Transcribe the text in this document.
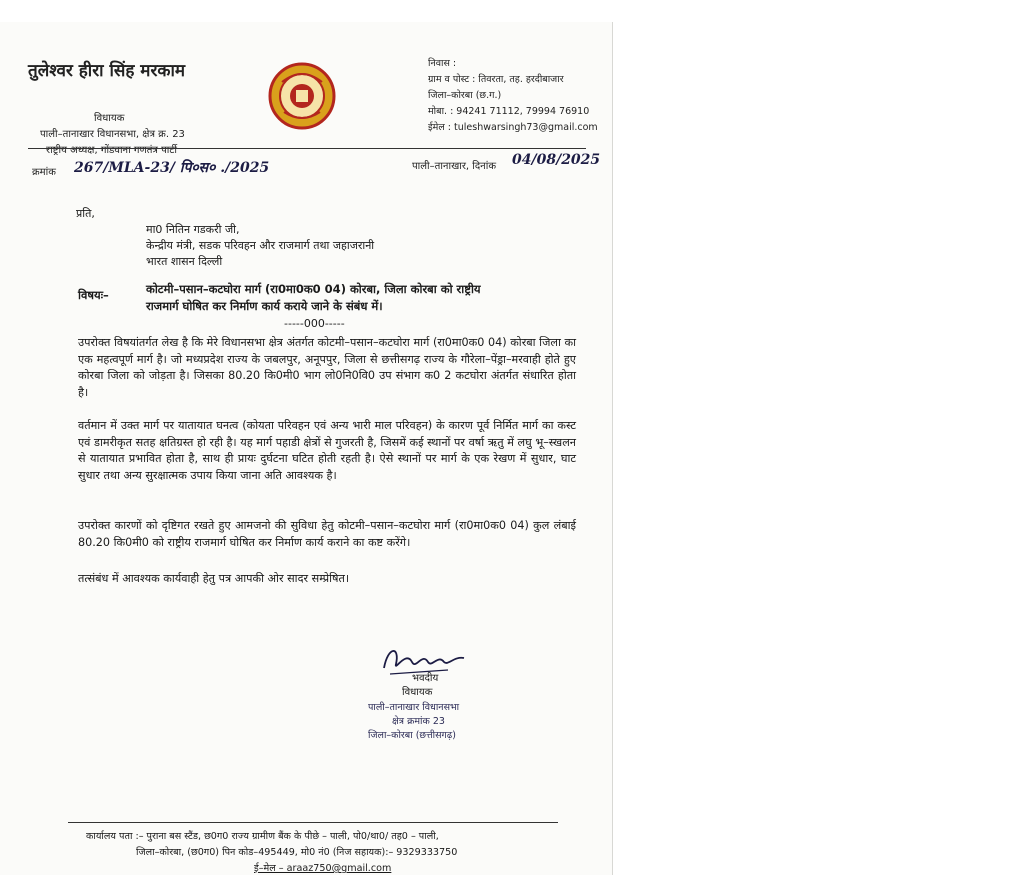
तुलेश्वर हीरा सिंह मरकाम
विधायक
पाली–तानाखार विधानसभा, क्षेत्र क्र. 23
राष्ट्रीय अध्यक्ष, गोंडवाना गणतंत्र पार्टी
निवास :
ग्राम व पोस्ट : तिवरता, तह. हरदीबाजार
जिला–कोरबा (छ.ग.)
मोबा. : 94241 71112, 79994 76910
ईमेल : tuleshwarsingh73@gmail.com
क्रमांक 267/MLA-23/ पि०स० ./2025	पाली–तानाखार, दिनांक 04/08/2025
प्रति,
मा0 नितिन गडकरी जी,
केन्द्रीय मंत्री, सडक परिवहन और राजमार्ग तथा जहाजरानी
भारत शासन दिल्ली
विषयः–	कोटमी–पसान–कटघोरा मार्ग (रा0मा0क0 04) कोरबा, जिला कोरबा को राष्ट्रीय
राजमार्ग घोषित कर निर्माण कार्य कराये जाने के संबंध में।
-----000-----
उपरोक्त विषयांतर्गत लेख है कि मेरे विधानसभा क्षेत्र अंतर्गत कोटमी–पसान–कटघोरा मार्ग (रा0मा0क0 04) कोरबा जिला का एक महत्वपूर्ण मार्ग है। जो मध्यप्रदेश राज्य के जबलपुर, अनूपपुर, जिला से छत्तीसगढ़ राज्य के गौरेला–पेंड्रा–मरवाही होते हुए कोरबा जिला को जोड़ता है। जिसका 80.20 कि0मी0 भाग लो0नि0वि0 उप संभाग क0 2 कटघोरा अंतर्गत संधारित होता है।
वर्तमान में उक्त मार्ग पर यातायात घनत्व (कोयता परिवहन एवं अन्य भारी माल परिवहन) के कारण पूर्व निर्मित मार्ग का कस्ट एवं डामरीकृत सतह क्षतिग्रस्त हो रही है। यह मार्ग पहाडी क्षेत्रों से गुजरती है, जिसमें कई स्थानों पर वर्षा ऋतु में लघु भू–स्खलन से यातायात प्रभावित होता है, साथ ही प्रायः दुर्घटना घटित होती रहती है। ऐसे स्थानों पर मार्ग के एक रेखण में सुधार, घाट सुधार तथा अन्य सुरक्षात्मक उपाय किया जाना अति आवश्यक है।
उपरोक्त कारणों को दृष्टिगत रखते हुए आमजनो की सुविधा हेतु कोटमी–पसान–कटघोरा मार्ग (रा0मा0क0 04) कुल लंबाई 80.20 कि0मी0 को राष्ट्रीय राजमार्ग घोषित कर निर्माण कार्य कराने का कष्ट करेंगे।
तत्संबंध में आवश्यक कार्यवाही हेतु पत्र आपकी ओर सादर सम्प्रेषित।
भवदीय
विधायक
पाली–तानाखार विधानसभा
क्षेत्र क्रमांक 23
जिला–कोरबा (छत्तीसगढ़)
कार्यालय पता :– पुराना बस स्टैंड, छ0ग0 राज्य ग्रामीण बैंक के पीछे – पाली, पो0/था0/ तह0 – पाली,
जिला–कोरबा, (छ0ग0) पिन कोड–495449, मो0 नं0 (निज सहायक):– 9329333750
ई–मेल – araaz750@gmail.com
